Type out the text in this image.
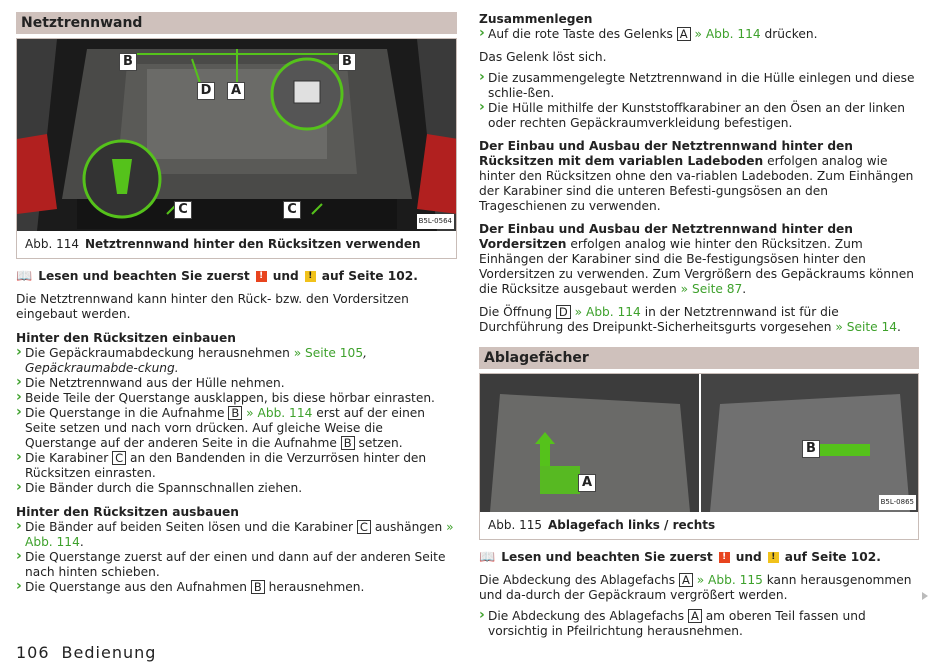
Netztrennwand
B	B
D	A
C	C
B5L-0564
Abb. 114 Netztrennwand hinter den Rücksitzen verwenden
📖 Lesen und beachten Sie zuerst	! und	! auf Seite 102.

Die Netztrennwand kann hinter den Rück- bzw. den Vordersitzen eingebaut werden.

Hinter den Rücksitzen einbauen
› Die Gepäckraumabdeckung herausnehmen » Seite 105, Gepäckraumabde-ckung.
› Die Netztrennwand aus der Hülle nehmen.
› Beide Teile der Querstange ausklappen, bis diese hörbar einrasten.
› Die Querstange in die Aufnahme B » Abb. 114 erst auf der einen Seite setzen und nach vorn drücken. Auf gleiche Weise die Querstange auf der anderen Seite in die Aufnahme B setzen.
› Die Karabiner C an den Bandenden in die Verzurrösen hinter den Rücksitzen einrasten.
› Die Bänder durch die Spannschnallen ziehen.
Hinter den Rücksitzen ausbauen
› Die Bänder auf beiden Seiten lösen und die Karabiner C aushängen » Abb. 114.
› Die Querstange zuerst auf der einen und dann auf der anderen Seite nach hinten schieben.
› Die Querstange aus den Aufnahmen B herausnehmen.
Zusammenlegen
› Auf die rote Taste des Gelenks A » Abb. 114 drücken.

Das Gelenk löst sich.

› Die zusammengelegte Netztrennwand in die Hülle einlegen und diese schlie-ßen.
› Die Hülle mithilfe der Kunststoffkarabiner an den Ösen an der linken oder rechten Gepäckraumverkleidung befestigen.

Der Einbau und Ausbau der Netztrennwand hinter den Rücksitzen mit dem variablen Ladeboden erfolgen analog wie hinter den Rücksitzen ohne den va-riablen Ladeboden. Zum Einhängen der Karabiner sind die unteren Befesti-gungsösen an den Trageschienen zu verwenden.

Der Einbau und Ausbau der Netztrennwand hinter den Vordersitzen erfolgen analog wie hinter den Rücksitzen. Zum Einhängen der Karabiner sind die Be-festigungsösen hinter den Vordersitzen zu verwenden. Zum Vergrößern des Gepäckraums können die Rücksitze ausgebaut werden » Seite 87.

Die Öffnung D » Abb. 114 in der Netztrennwand ist für die Durchführung des Dreipunkt-Sicherheitsgurts vorgesehen » Seite 14.

Ablagefächer
A
B
B5L-0865
Abb. 115 Ablagefach links / rechts
📖 Lesen und beachten Sie zuerst	! und	! auf Seite 102.

Die Abdeckung des Ablagefachs A » Abb. 115 kann herausgenommen und da-durch der Gepäckraum vergrößert werden.

› Die Abdeckung des Ablagefachs A am oberen Teil fassen und vorsichtig in Pfeilrichtung herausnehmen.
106 Bedienung
